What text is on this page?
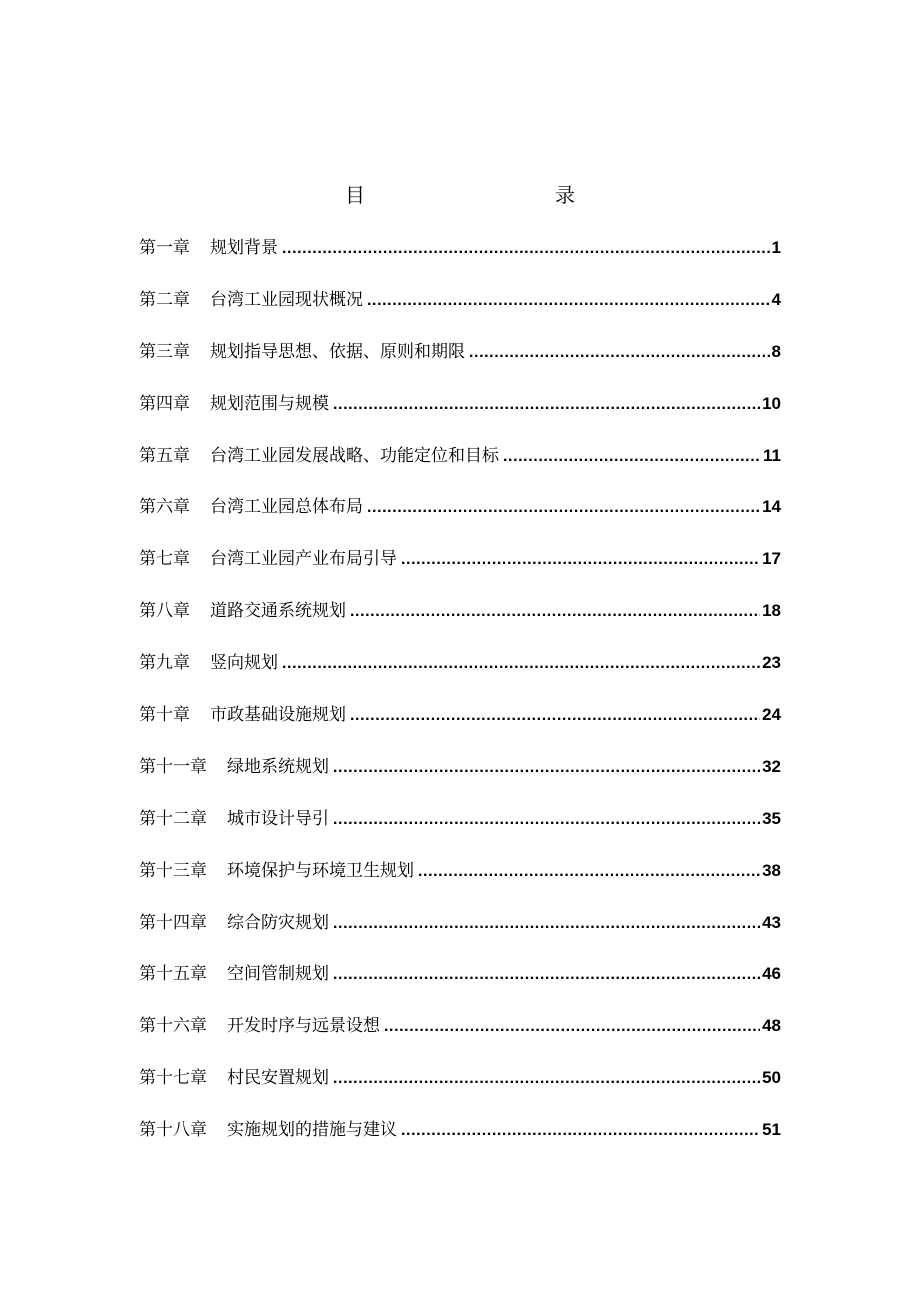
目　　录
第一章 规划背景 .....	1
第二章 台湾工业园现状概况 .....	4
第三章 规划指导思想、依据、原则和期限 .....	8
第四章 规划范围与规模 .....	10
第五章 台湾工业园发展战略、功能定位和目标 .....	11
第六章 台湾工业园总体布局 .....	14
第七章 台湾工业园产业布局引导 .....	17
第八章 道路交通系统规划 .....	18
第九章 竖向规划 .....	23
第十章 市政基础设施规划 .....	24
第十一章 绿地系统规划 .....	32
第十二章 城市设计导引 .....	35
第十三章 环境保护与环境卫生规划 .....	38
第十四章 综合防灾规划 .....	43
第十五章 空间管制规划 .....	46
第十六章 开发时序与远景设想 .....	48
第十七章 村民安置规划 .....	50
第十八章 实施规划的措施与建议 .....	51
